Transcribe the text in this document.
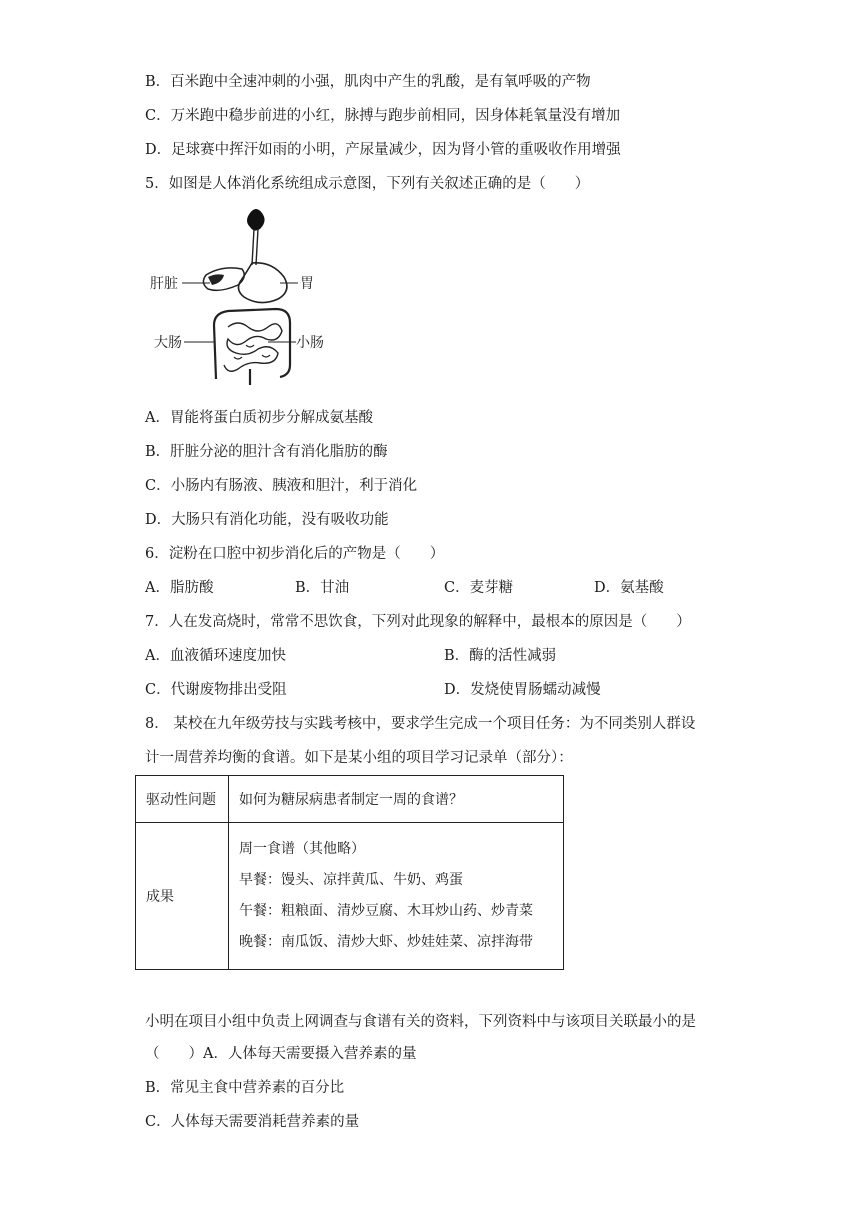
B．百米跑中全速冲刺的小强，肌肉中产生的乳酸，是有氧呼吸的产物
C．万米跑中稳步前进的小红，脉搏与跑步前相同，因身体耗氧量没有增加
D．足球赛中挥汗如雨的小明，产尿量减少，因为肾小管的重吸收作用增强
5．如图是人体消化系统组成示意图，下列有关叙述正确的是（　　）
肝脏	胃
大肠	小肠
A．胃能将蛋白质初步分解成氨基酸
B．肝脏分泌的胆汁含有消化脂肪的酶
C．小肠内有肠液、胰液和胆汁，利于消化
D．大肠只有消化功能，没有吸收功能
6．淀粉在口腔中初步消化后的产物是（　　）
A．脂肪酸	B．甘油	C．麦芽糖	D．氨基酸
7．人在发高烧时，常常不思饮食，下列对此现象的解释中，最根本的原因是（　　）
A．血液循环速度加快	B．酶的活性减弱
C．代谢废物排出受阻	D．发烧使胃肠蠕动减慢
8． 某校在九年级劳技与实践考核中，要求学生完成一个项目任务：为不同类别人群设
计一周营养均衡的食谱。如下是某小组的项目学习记录单（部分）：
驱动性问题	如何为糖尿病患者制定一周的食谱？
成果	周一食谱（其他略）
早餐：馒头、凉拌黄瓜、牛奶、鸡蛋
午餐：粗粮面、清炒豆腐、木耳炒山药、炒青菜
晚餐：南瓜饭、清炒大虾、炒娃娃菜、凉拌海带
小明在项目小组中负责上网调查与食谱有关的资料，下列资料中与该项目关联最小的是
（　　）A．人体每天需要摄入营养素的量
B．常见主食中营养素的百分比
C．人体每天需要消耗营养素的量
